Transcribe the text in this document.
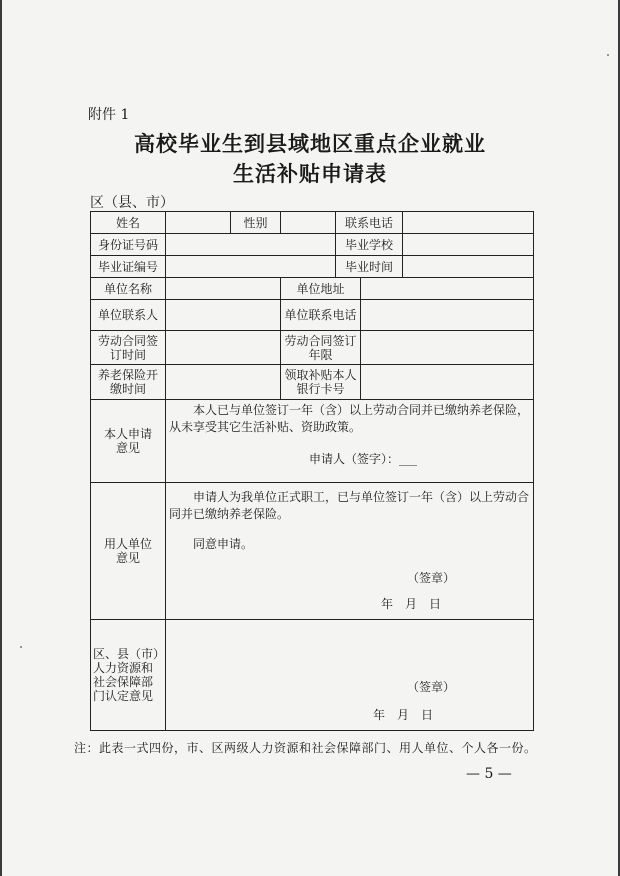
附件 1
高校毕业生到县域地区重点企业就业
生活补贴申请表
区（县、市）
姓名		性别		联系电话		
身份证号码				毕业学校		
毕业证编号				毕业时间		
单位名称			单位地址			
单位联系人			单位联系电话			
劳动合同签订时间			劳动合同签订年限			
养老保险开缴时间			领取补贴本人银行卡号			
本人申请意见	本人已与单位签订一年（含）以上劳动合同并已缴纳养老保险，从未享受其它生活补贴、资助政策。

申请人（签字）：___					

用人单位意见	申请人为我单位正式职工，已与单位签订一年（含）以上劳动合同并已缴纳养老保险。

同意申请。
（签章）
年　月　日					

区、县（市）人力资源和社会保障部门认定意见	（签章）
年　月　日					
注：此表一式四份，市、区两级人力资源和社会保障部门、用人单位、个人各一份。
— 5 —
